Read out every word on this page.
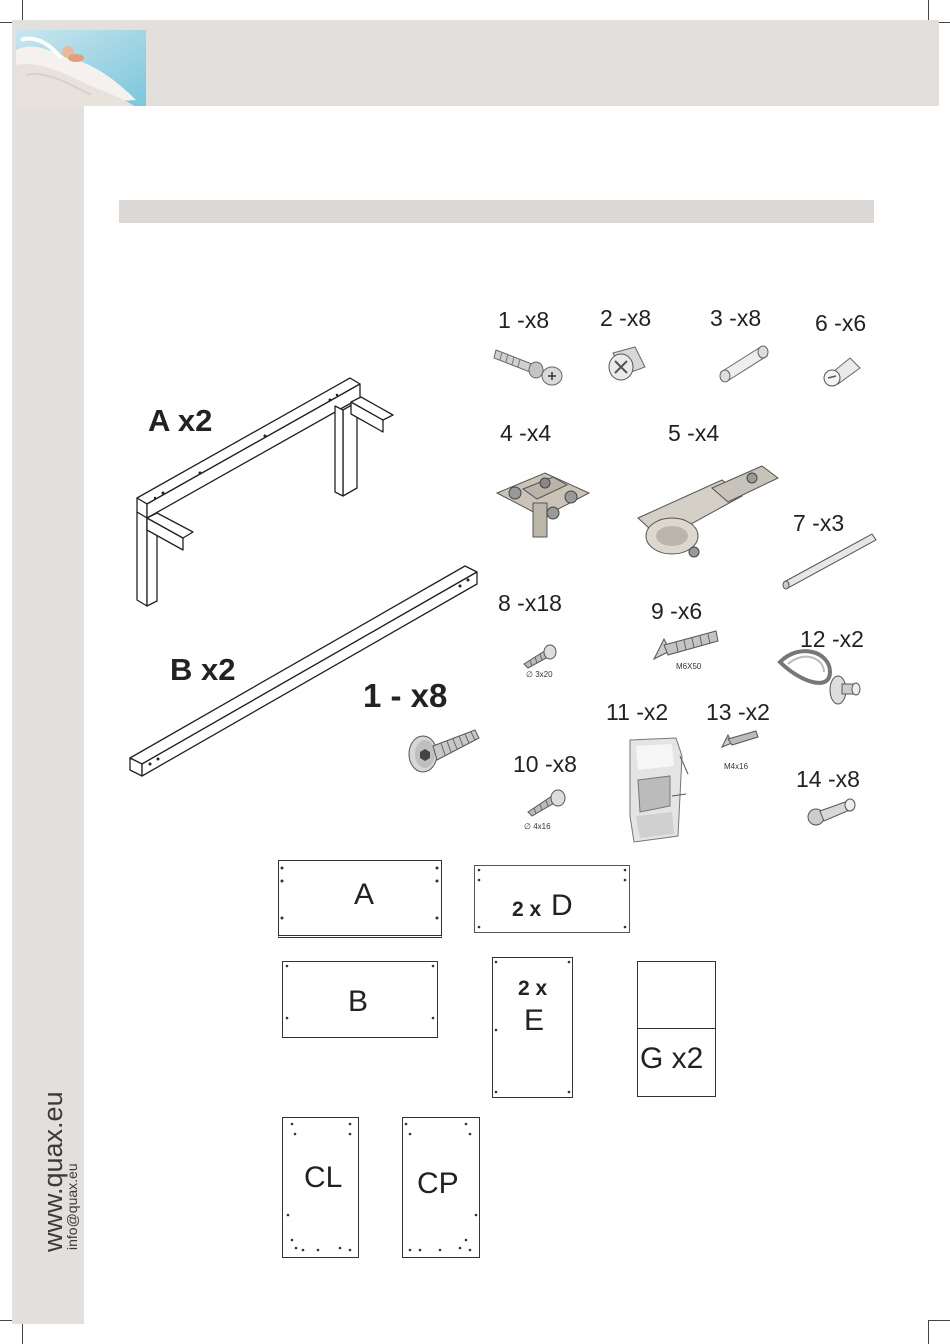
www.quax.eu
info@quax.eu
A x2
B x2
1 - x8
1 -x8 2 -x8	3 -x8 6 -x6
4 -x4	5 -x4
7 -x3
8 -x18	9 -x6
12 -x2
11 -x2 13 -x2
10 -x8
14 -x8
∅ 3x20
M6X50
M4x16
∅ 4x16
A	2 x D
B	2 x
E
G x2
CL CP
